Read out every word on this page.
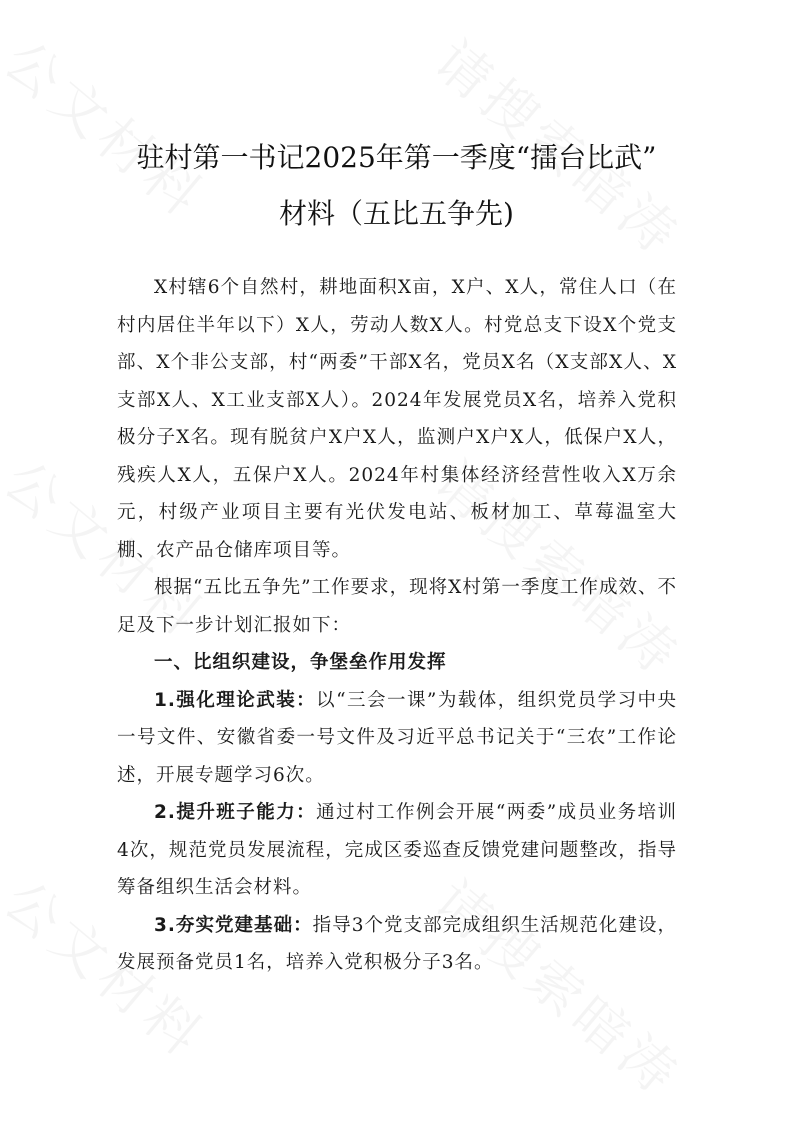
驻村第一书记2025年第一季度“擂台比武”
材料（五比五争先)

X村辖6个自然村，耕地面积X亩，X户、X人，常住人口（在村内居住半年以下）X人，劳动人数X人。村党总支下设X个党支部、X个非公支部，村“两委”干部X名，党员X名（X支部X人、X支部X人、X工业支部X人）。2024年发展党员X名，培养入党积极分子X名。现有脱贫户X户X人，监测户X户X人，低保户X人，残疾人X人，五保户X人。2024年村集体经济经营性收入X万余元，村级产业项目主要有光伏发电站、板材加工、草莓温室大棚、农产品仓储库项目等。

根据“五比五争先”工作要求，现将X村第一季度工作成效、不足及下一步计划汇报如下：

一、比组织建设，争堡垒作用发挥

1.强化理论武装：以“三会一课”为载体，组织党员学习中央一号文件、安徽省委一号文件及习近平总书记关于“三农”工作论述，开展专题学习6次。

2.提升班子能力：通过村工作例会开展“两委”成员业务培训4次，规范党员发展流程，完成区委巡查反馈党建问题整改，指导筹备组织生活会材料。

3.夯实党建基础：指导3个党支部完成组织生活规范化建设，发展预备党员1名，培养入党积极分子3名。
